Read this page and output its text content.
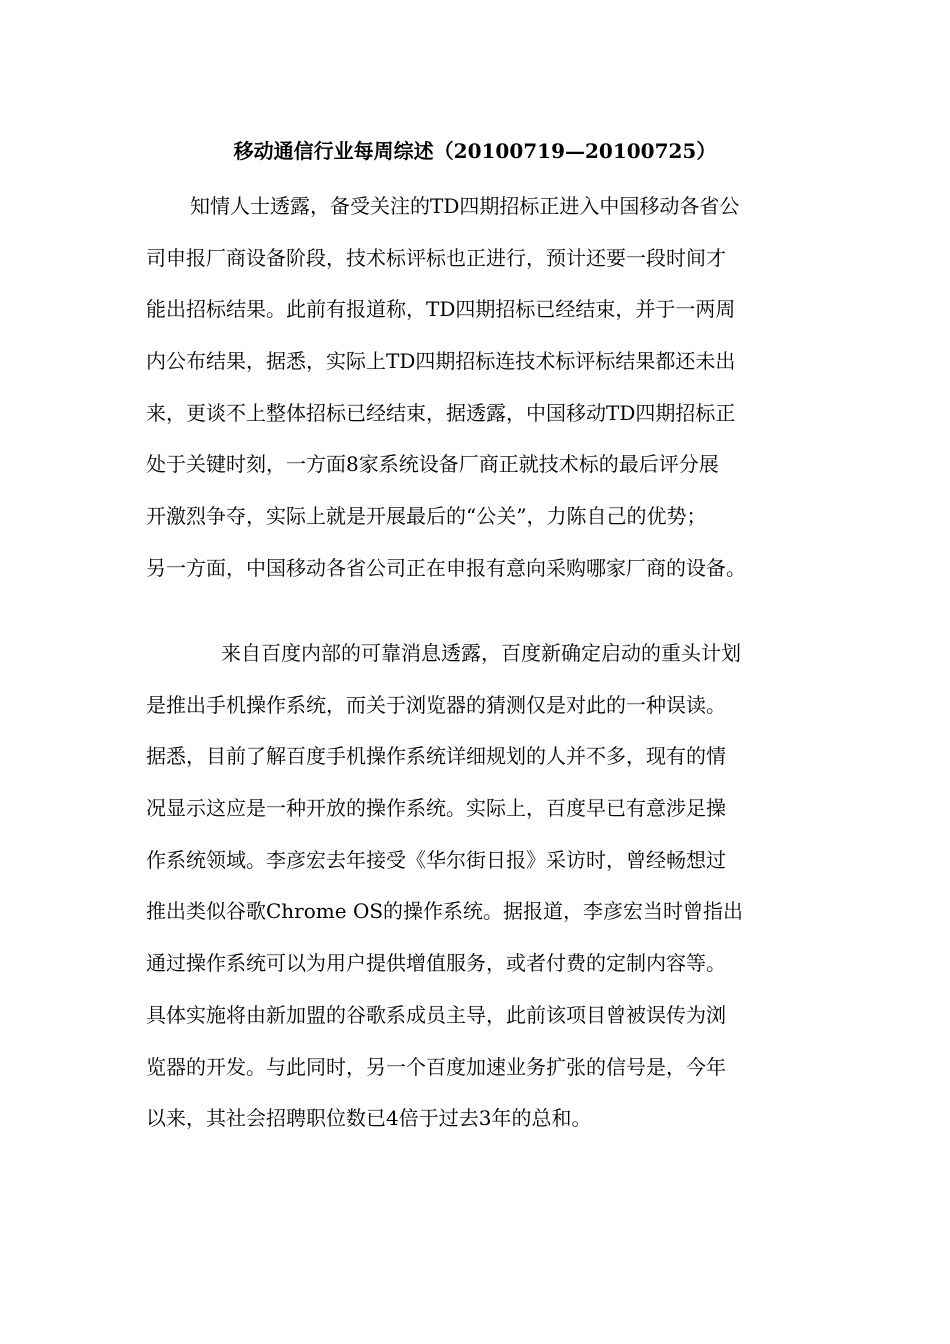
移动通信行业每周综述（20100719—20100725）
知情人士透露，备受关注的TD四期招标正进入中国移动各省公
司申报厂商设备阶段，技术标评标也正进行，预计还要一段时间才
能出招标结果。此前有报道称，TD四期招标已经结束，并于一两周
内公布结果，据悉，实际上TD四期招标连技术标评标结果都还未出
来，更谈不上整体招标已经结束，据透露，中国移动TD四期招标正
处于关键时刻，一方面8家系统设备厂商正就技术标的最后评分展
开激烈争夺，实际上就是开展最后的“公关”，力陈自己的优势；
另一方面，中国移动各省公司正在申报有意向采购哪家厂商的设备。
来自百度内部的可靠消息透露，百度新确定启动的重头计划
是推出手机操作系统，而关于浏览器的猜测仅是对此的一种误读。
据悉，目前了解百度手机操作系统详细规划的人并不多，现有的情
况显示这应是一种开放的操作系统。实际上，百度早已有意涉足操
作系统领域。李彦宏去年接受《华尔街日报》采访时，曾经畅想过
推出类似谷歌Chrome OS的操作系统。据报道，李彦宏当时曾指出
通过操作系统可以为用户提供增值服务，或者付费的定制内容等。
具体实施将由新加盟的谷歌系成员主导，此前该项目曾被误传为浏
览器的开发。与此同时，另一个百度加速业务扩张的信号是，今年
以来，其社会招聘职位数已4倍于过去3年的总和。
